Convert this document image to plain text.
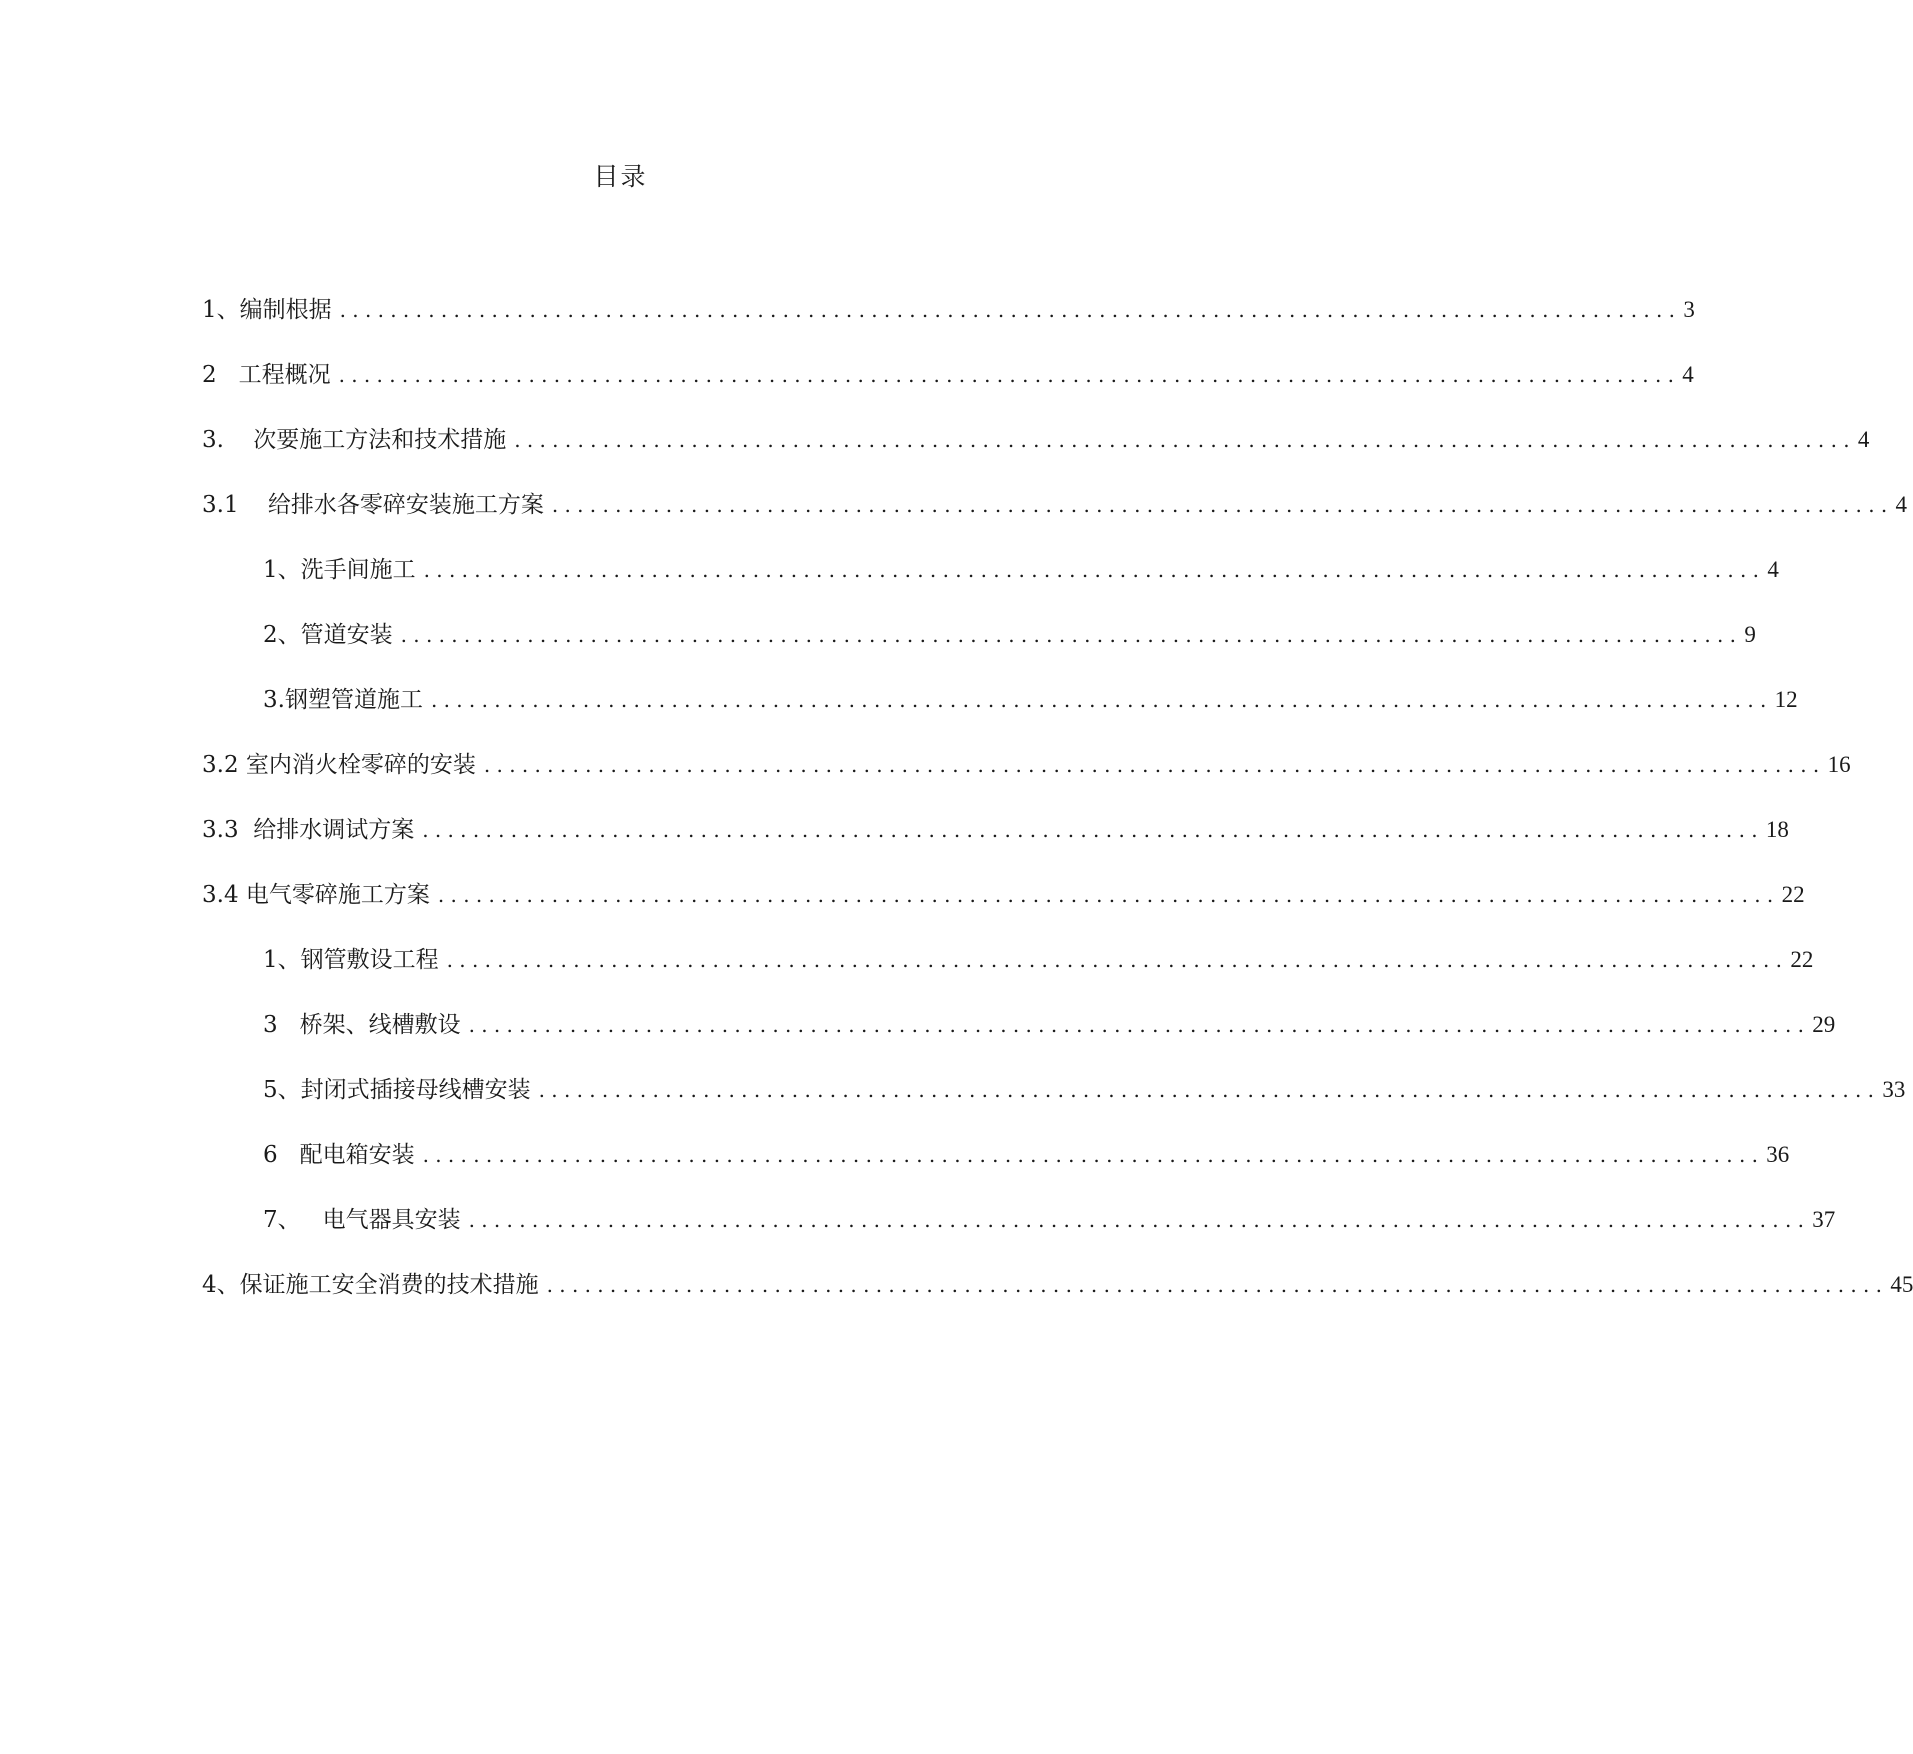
目录
1、编制根据 .......................................................................................................... 3
2   工程概况 .......................................................................................................... 4
3.    次要施工方法和技术措施 .......................................................................................................... 4
3.1    给排水各零碎安装施工方案 .......................................................................................................... 4
1、洗手间施工 .......................................................................................................... 4
2、管道安装 .......................................................................................................... 9
3.钢塑管道施工 .......................................................................................................... 12
3.2 室内消火栓零碎的安装 .......................................................................................................... 16
3.3  给排水调试方案 .......................................................................................................... 18
3.4 电气零碎施工方案 .......................................................................................................... 22
1、钢管敷设工程 .......................................................................................................... 22
3   桥架、线槽敷设 .......................................................................................................... 29
5、封闭式插接母线槽安装 .......................................................................................................... 33
6   配电箱安装 .......................................................................................................... 36
7、   电气器具安装 .......................................................................................................... 37
4、保证施工安全消费的技术措施 .......................................................................................................... 45
